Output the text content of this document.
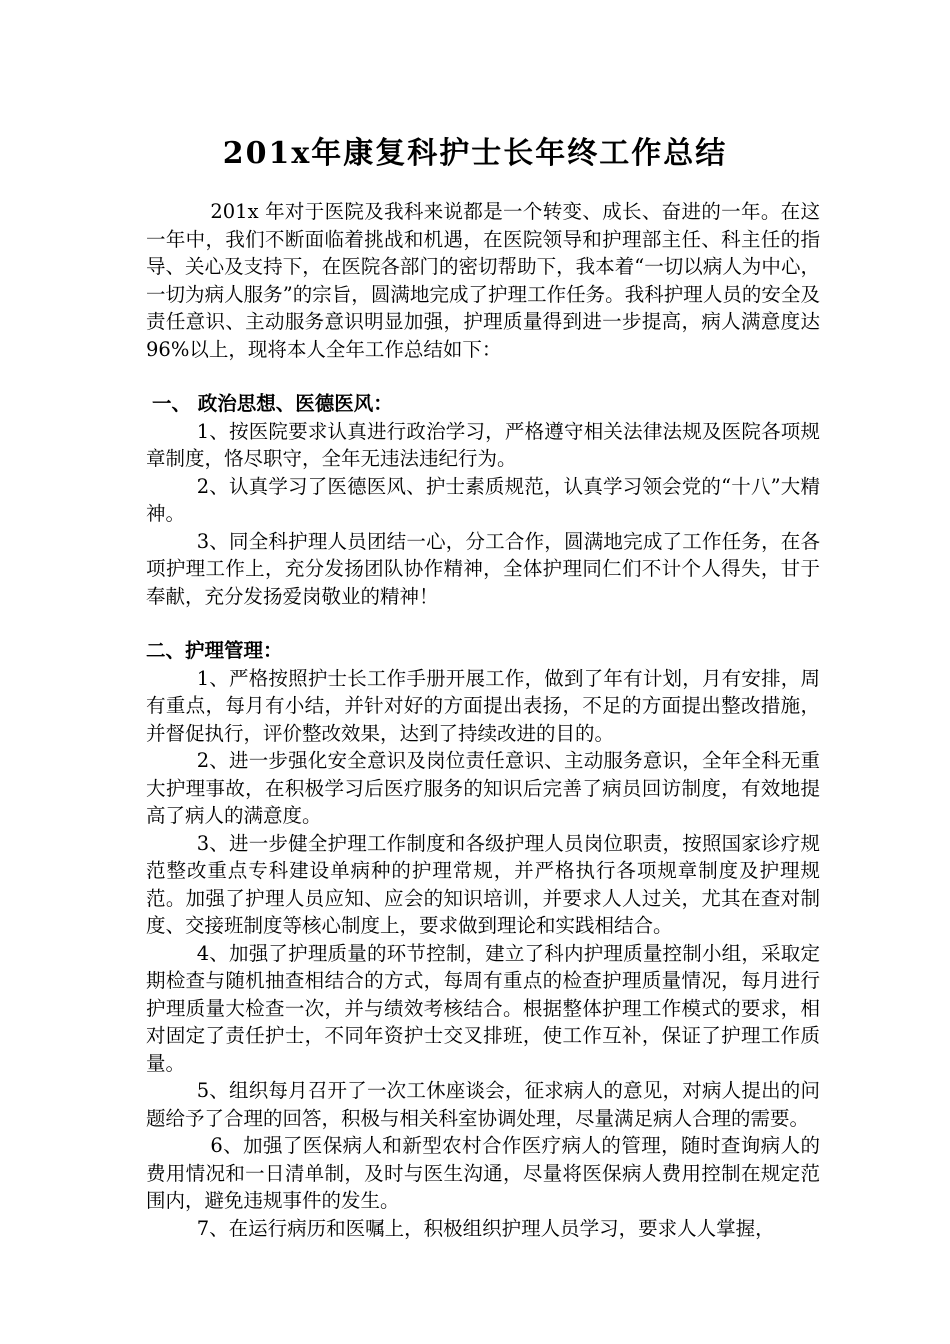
201x年康复科护士长年终工作总结

201x 年对于医院及我科来说都是一个转变、成长、奋进的一年。在这一年中，我们不断面临着挑战和机遇，在医院领导和护理部主任、科主任的指导、关心及支持下，在医院各部门的密切帮助下，我本着“一切以病人为中心，一切为病人服务”的宗旨，圆满地完成了护理工作任务。我科护理人员的安全及责任意识、主动服务意识明显加强，护理质量得到进一步提高，病人满意度达 96%以上，现将本人全年工作总结如下：

一、 政治思想、医德医风：

1、按医院要求认真进行政治学习，严格遵守相关法律法规及医院各项规章制度，恪尽职守，全年无违法违纪行为。

2、认真学习了医德医风、护士素质规范，认真学习领会党的“十八”大精神。

3、同全科护理人员团结一心，分工合作，圆满地完成了工作任务，在各项护理工作上，充分发扬团队协作精神，全体护理同仁们不计个人得失，甘于奉献，充分发扬爱岗敬业的精神！

二、护理管理：

1、严格按照护士长工作手册开展工作，做到了年有计划，月有安排，周有重点，每月有小结，并针对好的方面提出表扬，不足的方面提出整改措施，并督促执行，评价整改效果，达到了持续改进的目的。

2、进一步强化安全意识及岗位责任意识、主动服务意识，全年全科无重大护理事故，在积极学习后医疗服务的知识后完善了病员回访制度，有效地提高了病人的满意度。

3、进一步健全护理工作制度和各级护理人员岗位职责，按照国家诊疗规范整改重点专科建设单病种的护理常规，并严格执行各项规章制度及护理规范。加强了护理人员应知、应会的知识培训，并要求人人过关，尤其在查对制度、交接班制度等核心制度上，要求做到理论和实践相结合。

4、加强了护理质量的环节控制，建立了科内护理质量控制小组，采取定期检查与随机抽查相结合的方式，每周有重点的检查护理质量情况，每月进行护理质量大检查一次，并与绩效考核结合。根据整体护理工作模式的要求，相对固定了责任护士，不同年资护士交叉排班，使工作互补，保证了护理工作质量。

5、组织每月召开了一次工休座谈会，征求病人的意见，对病人提出的问题给予了合理的回答，积极与相关科室协调处理，尽量满足病人合理的需要。

6、加强了医保病人和新型农村合作医疗病人的管理，随时查询病人的费用情况和一日清单制，及时与医生沟通，尽量将医保病人费用控制在规定范围内，避免违规事件的发生。

7、在运行病历和医嘱上，积极组织护理人员学习，要求人人掌握，
